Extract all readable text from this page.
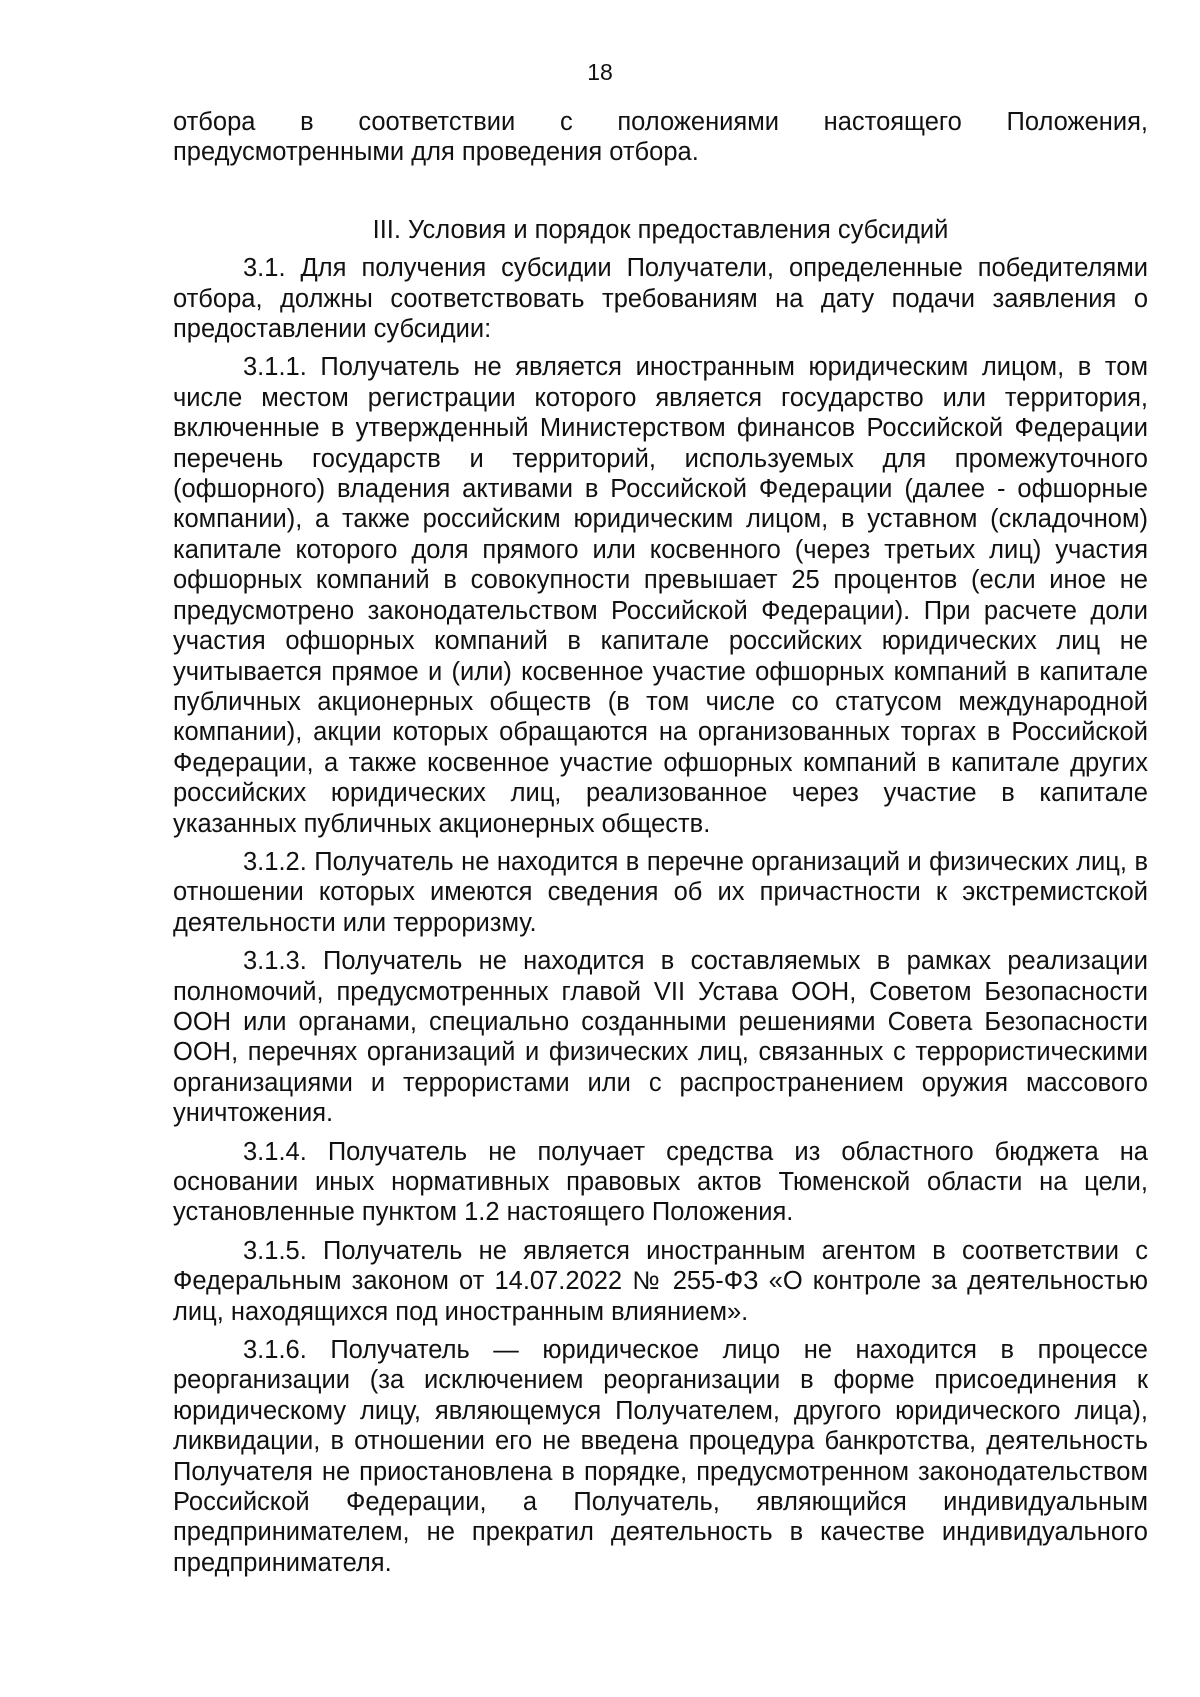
18

отбора в соответствии с положениями настоящего Положения, предусмотренными для проведения отбора.

III. Условия и порядок предоставления субсидий

3.1. Для получения субсидии Получатели, определенные победителями отбора, должны соответствовать требованиям на дату подачи заявления о предоставлении субсидии:

3.1.1. Получатель не является иностранным юридическим лицом, в том числе местом регистрации которого является государство или территория, включенные в утвержденный Министерством финансов Российской Федерации перечень государств и территорий, используемых для промежуточного (офшорного) владения активами в Российской Федерации (далее - офшорные компании), а также российским юридическим лицом, в уставном (складочном) капитале которого доля прямого или косвенного (через третьих лиц) участия офшорных компаний в совокупности превышает 25 процентов (если иное не предусмотрено законодательством Российской Федерации). При расчете доли участия офшорных компаний в капитале российских юридических лиц не учитывается прямое и (или) косвенное участие офшорных компаний в капитале публичных акционерных обществ (в том числе со статусом международной компании), акции которых обращаются на организованных торгах в Российской Федерации, а также косвенное участие офшорных компаний в капитале других российских юридических лиц, реализованное через участие в капитале указанных публичных акционерных обществ.

3.1.2. Получатель не находится в перечне организаций и физических лиц, в отношении которых имеются сведения об их причастности к экстремистской деятельности или терроризму.

3.1.3. Получатель не находится в составляемых в рамках реализации полномочий, предусмотренных главой VII Устава ООН, Советом Безопасности ООН или органами, специально созданными решениями Совета Безопасности ООН, перечнях организаций и физических лиц, связанных с террористическими организациями и террористами или с распространением оружия массового уничтожения.

3.1.4. Получатель не получает средства из областного бюджета на основании иных нормативных правовых актов Тюменской области на цели, установленные пунктом 1.2 настоящего Положения.

3.1.5. Получатель не является иностранным агентом в соответствии с Федеральным законом от 14.07.2022 № 255-ФЗ «О контроле за деятельностью лиц, находящихся под иностранным влиянием».

3.1.6. Получатель — юридическое лицо не находится в процессе реорганизации (за исключением реорганизации в форме присоединения к юридическому лицу, являющемуся Получателем, другого юридического лица), ликвидации, в отношении его не введена процедура банкротства, деятельность Получателя не приостановлена в порядке, предусмотренном законодательством Российской Федерации, а Получатель, являющийся индивидуальным предпринимателем, не прекратил деятельность в качестве индивидуального предпринимателя.
